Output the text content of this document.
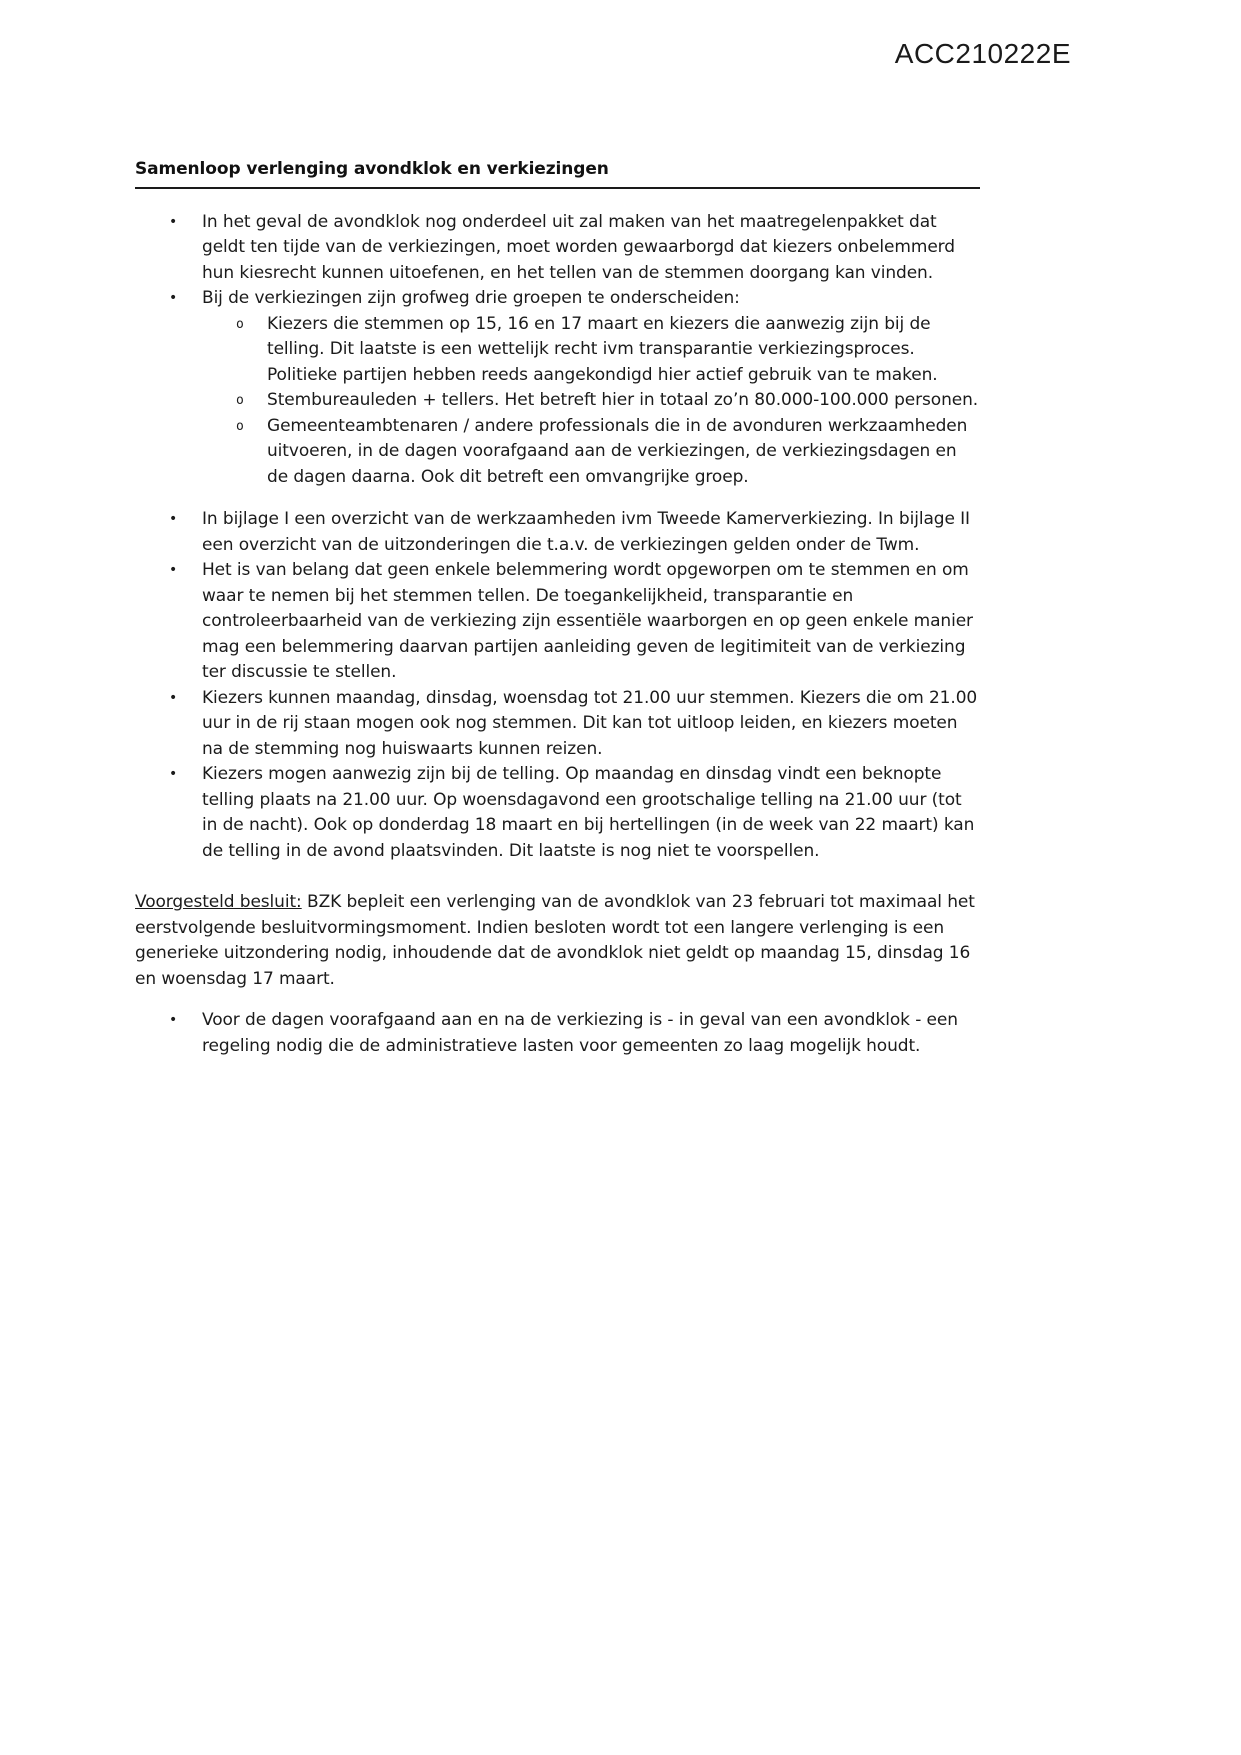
ACC210222E
Samenloop verlenging avondklok en verkiezingen
•	In het geval de avondklok nog onderdeel uit zal maken van het maatregelenpakket dat geldt ten tijde van de verkiezingen, moet worden gewaarborgd dat kiezers onbelemmerd hun kiesrecht kunnen uitoefenen, en het tellen van de stemmen doorgang kan vinden.
•	Bij de verkiezingen zijn grofweg drie groepen te onderscheiden:
o	Kiezers die stemmen op 15, 16 en 17 maart en kiezers die aanwezig zijn bij de telling. Dit laatste is een wettelijk recht ivm transparantie verkiezingsproces. Politieke partijen hebben reeds aangekondigd hier actief gebruik van te maken.
o	Stembureauleden + tellers. Het betreft hier in totaal zo’n 80.000-100.000 personen.
o	Gemeenteambtenaren / andere professionals die in de avonduren werkzaamheden uitvoeren, in de dagen voorafgaand aan de verkiezingen, de verkiezingsdagen en de dagen daarna. Ook dit betreft een omvangrijke groep.
•	In bijlage I een overzicht van de werkzaamheden ivm Tweede Kamerverkiezing. In bijlage II een overzicht van de uitzonderingen die t.a.v. de verkiezingen gelden onder de Twm.
•	Het is van belang dat geen enkele belemmering wordt opgeworpen om te stemmen en om waar te nemen bij het stemmen tellen. De toegankelijkheid, transparantie en controleerbaarheid van de verkiezing zijn essentiële waarborgen en op geen enkele manier mag een belemmering daarvan partijen aanleiding geven de legitimiteit van de verkiezing ter discussie te stellen.
•	Kiezers kunnen maandag, dinsdag, woensdag tot 21.00 uur stemmen. Kiezers die om 21.00 uur in de rij staan mogen ook nog stemmen. Dit kan tot uitloop leiden, en kiezers moeten na de stemming nog huiswaarts kunnen reizen.
•	Kiezers mogen aanwezig zijn bij de telling. Op maandag en dinsdag vindt een beknopte telling plaats na 21.00 uur. Op woensdagavond een grootschalige telling na 21.00 uur (tot in de nacht). Ook op donderdag 18 maart en bij hertellingen (in de week van 22 maart) kan de telling in de avond plaatsvinden. Dit laatste is nog niet te voorspellen.

Voorgesteld besluit: BZK bepleit een verlenging van de avondklok van 23 februari tot maximaal het eerstvolgende besluitvormingsmoment. Indien besloten wordt tot een langere verlenging is een generieke uitzondering nodig, inhoudende dat de avondklok niet geldt op maandag 15, dinsdag 16 en woensdag 17 maart.

•	Voor de dagen voorafgaand aan en na de verkiezing is - in geval van een avondklok - een regeling nodig die de administratieve lasten voor gemeenten zo laag mogelijk houdt.
